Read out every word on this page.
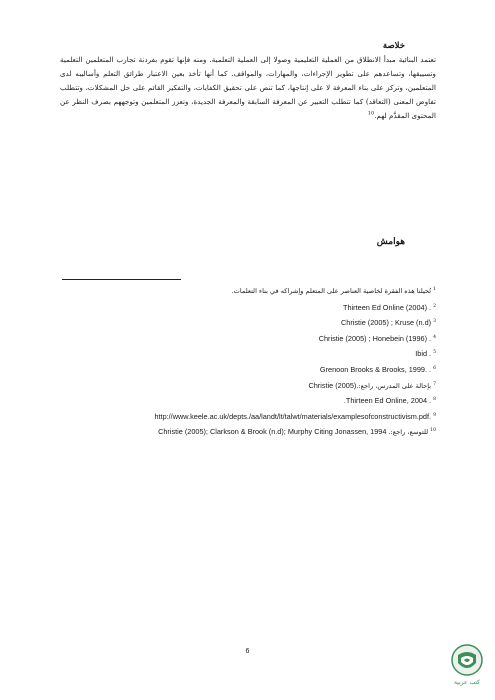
خلاصة
تعتمد البنائية مبدأ الانطلاق من العملية التعليمية وصولا إلى العملية التعلمية. ومنه فإنها تقوم بفردنة تجارب المتعلمين التعلمية وتسييقها، وتساعدهم على تطوير الإجراءات، والمهارات، والمواقف. كما أنها تأخذ بعين الاعتبار طرائق التعلم وأساليبه لدى المتعلمين، وتركز على بناء المعرفة لا على إنتاجها، كما تنص على تحقيق الكفايات، والتفكير القائم على حل المشكلات، وتتطلب تفاوض المعنى (التعاقد) كما تتطلب التعبير عن المعرفة السابقة والمعرفة الجديدة، وتعزز المتعلمين وتوجههم بصرف النظر عن المحتوى المقدَّم لهم.$^{10}$
هوامش
1
تُحيلنا هذه الفقرة لخاصية العناصر على المتعلم وإشراكه في بناء التعلمات.
2
Thirteen Ed Online (2004) .
3
Christie (2005) ; Kruse (n.d)
4
Christie (2005) ; Honebein (1996) .
5
Ibid .
6
Grenoon Brooks & Brooks, 1999. .
7
بإحالة على المدرس، راجع:
Christie (2005).
8
.Thirteen Ed Online, 2004 .
9
http://www.keele.ac.uk/depts./aa/landt/lt/talwt/materials/examplesofconstructivism.pdf.
10
للتوسع، راجع:
Christie (2005); Clarkson & Brook (n.d); Murphy Citing Jonassen, 1994 .
6
كتب عربية
